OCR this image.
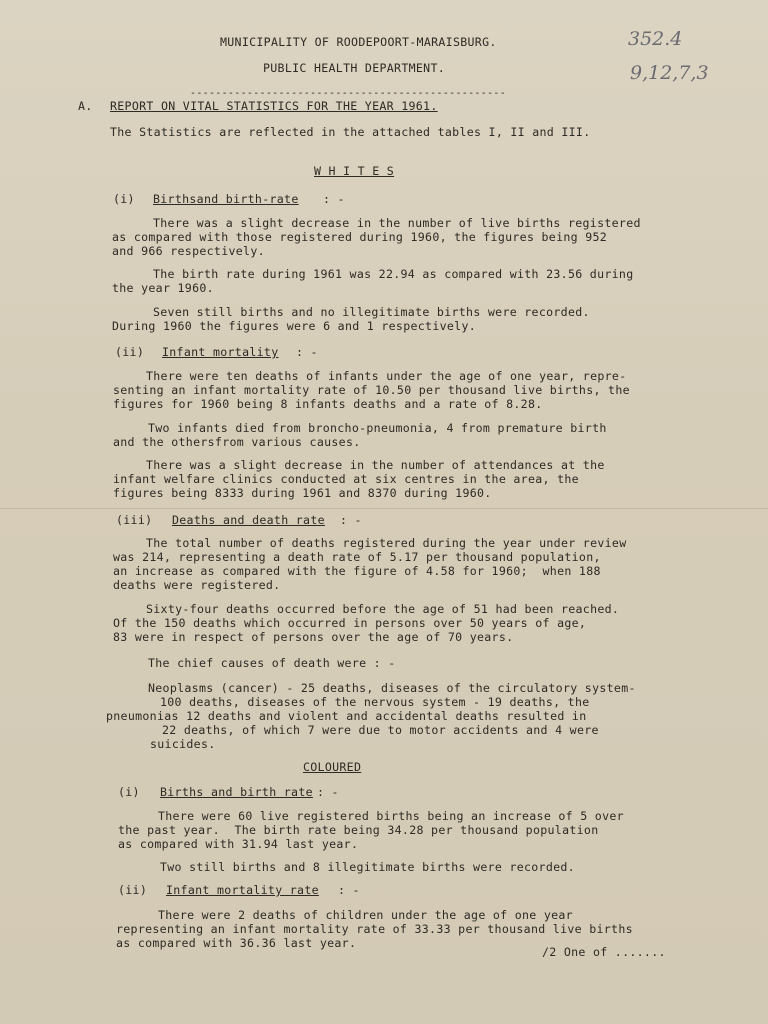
MUNICIPALITY OF ROODEPOORT-MARAISBURG.
PUBLIC HEALTH DEPARTMENT.
--------------------------------------------------
352.4
9,12,7,3
A. REPORT ON VITAL STATISTICS FOR THE YEAR 1961.
The Statistics are reflected in the attached tables I, II and III.
W H I T E S
(i) Birthsand birth-rate : -
There was a slight decrease in the number of live births registered
as compared with those registered during 1960, the figures being 952
and 966 respectively.
The birth rate during 1961 was 22.94 as compared with 23.56 during
the year 1960.
Seven still births and no illegitimate births were recorded.
During 1960 the figures were 6 and 1 respectively.
(ii) Infant mortality : -
There were ten deaths of infants under the age of one year, repre-
senting an infant mortality rate of 10.50 per thousand live births, the
figures for 1960 being 8 infants deaths and a rate of 8.28.
Two infants died from broncho-pneumonia, 4 from premature birth
and the othersfrom various causes.
There was a slight decrease in the number of attendances at the
infant welfare clinics conducted at six centres in the area, the
figures being 8333 during 1961 and 8370 during 1960.
(iii) Deaths and death rate : -
The total number of deaths registered during the year under review
was 214, representing a death rate of 5.17 per thousand population,
an increase as compared with the figure of 4.58 for 1960;  when 188
deaths were registered.
Sixty-four deaths occurred before the age of 51 had been reached.
Of the 150 deaths which occurred in persons over 50 years of age,
83 were in respect of persons over the age of 70 years.
The chief causes of death were : -
Neoplasms (cancer) - 25 deaths, diseases of the circulatory system-
100 deaths, diseases of the nervous system - 19 deaths, the
pneumonias 12 deaths and violent and accidental deaths resulted in
22 deaths, of which 7 were due to motor accidents and 4 were
suicides.
COLOURED
(i) Births and birth rate : -
There were 60 live registered births being an increase of 5 over
the past year.  The birth rate being 34.28 per thousand population
as compared with 31.94 last year.
Two still births and 8 illegitimate births were recorded.
(ii) Infant mortality rate : -
There were 2 deaths of children under the age of one year
representing an infant mortality rate of 33.33 per thousand live births
as compared with 36.36 last year.
/2 One of .......
